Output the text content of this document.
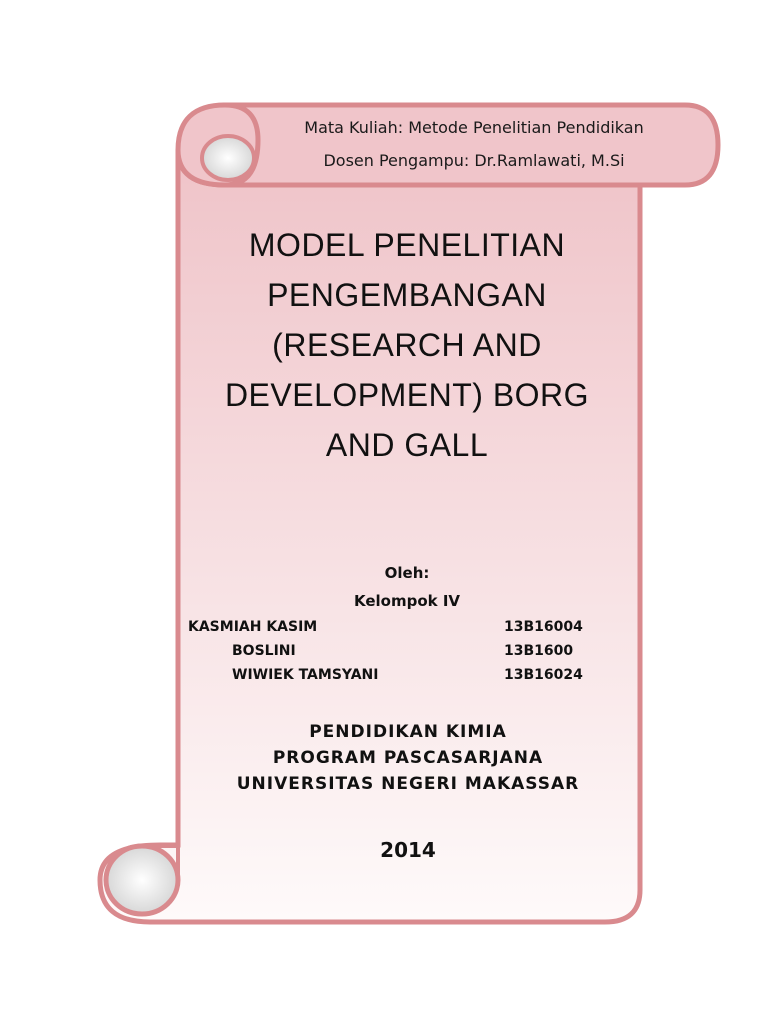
Mata Kuliah: Metode Penelitian Pendidikan
Dosen Pengampu: Dr.Ramlawati, M.Si
MODEL PENELITIAN
PENGEMBANGAN
(RESEARCH AND
DEVELOPMENT) BORG
AND GALL
Oleh:
Kelompok IV
KASMIAH KASIM	13B16004
BOSLINI	13B1600
WIWIEK TAMSYANI	13B16024
PENDIDIKAN KIMIA
PROGRAM PASCASARJANA
UNIVERSITAS NEGERI MAKASSAR
2014
